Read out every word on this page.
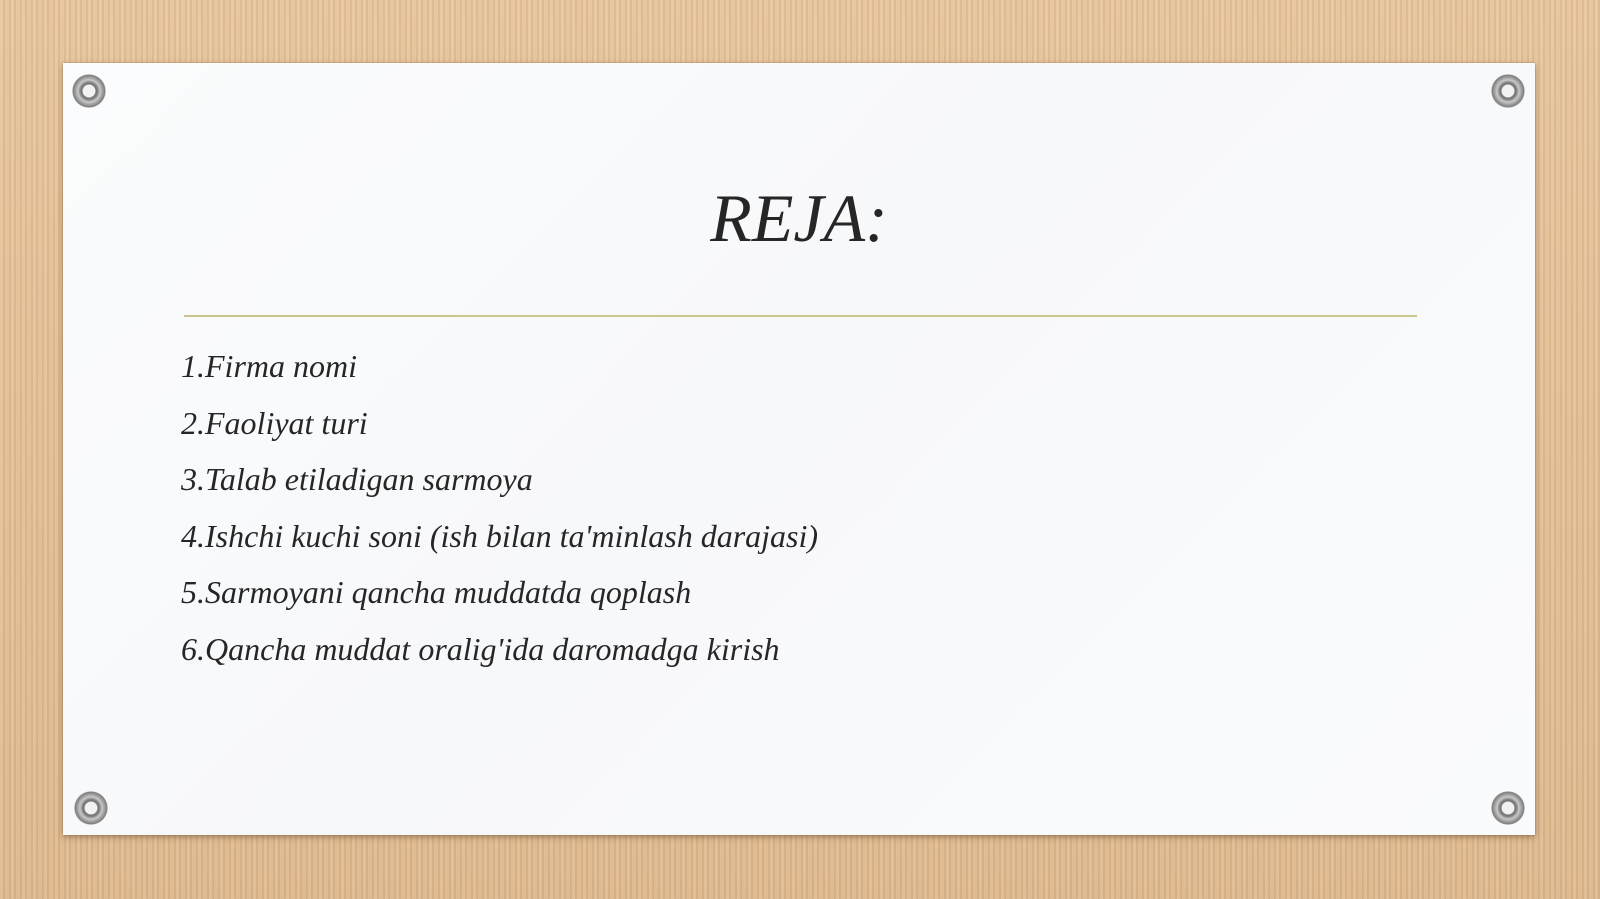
REJA:
1.Firma nomi
2.Faoliyat turi
3.Talab etiladigan sarmoya
4.Ishchi kuchi soni (ish bilan ta'minlash darajasi)
5.Sarmoyani qancha muddatda qoplash
6.Qancha muddat oralig'ida daromadga kirish
